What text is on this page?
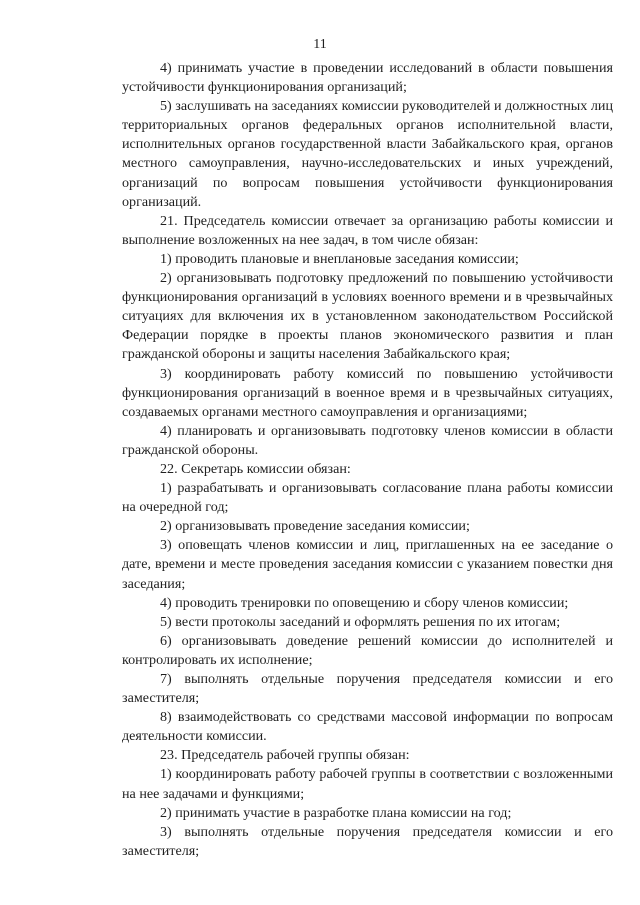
11

4) принимать участие в проведении исследований в области повышения устойчивости функционирования организаций;

5) заслушивать на заседаниях комиссии руководителей и должностных лиц территориальных органов федеральных органов исполнительной власти, исполнительных органов государственной власти Забайкальского края, органов местного самоуправления, научно-исследовательских и иных учреждений, организаций по вопросам повышения устойчивости функционирования организаций.

21. Председатель комиссии отвечает за организацию работы комиссии и выполнение возложенных на нее задач, в том числе обязан:

1) проводить плановые и внеплановые заседания комиссии;

2) организовывать подготовку предложений по повышению устойчивости функционирования организаций в условиях военного времени и в чрезвычайных ситуациях для включения их в установленном законодательством Российской Федерации порядке в проекты планов экономического развития и план гражданской обороны и защиты населения Забайкальского края;

3) координировать работу комиссий по повышению устойчивости функционирования организаций в военное время и в чрезвычайных ситуациях, создаваемых органами местного самоуправления и организациями;

4) планировать и организовывать подготовку членов комиссии в области гражданской обороны.

22. Секретарь комиссии обязан:

1) разрабатывать и организовывать согласование плана работы комиссии на очередной год;

2) организовывать проведение заседания комиссии;

3) оповещать членов комиссии и лиц, приглашенных на ее заседание о дате, времени и месте проведения заседания комиссии с указанием повестки дня заседания;

4) проводить тренировки по оповещению и сбору членов комиссии;

5) вести протоколы заседаний и оформлять решения по их итогам;

6) организовывать доведение решений комиссии до исполнителей и контролировать их исполнение;

7) выполнять отдельные поручения председателя комиссии и его заместителя;

8) взаимодействовать со средствами массовой информации по вопросам деятельности комиссии.

23. Председатель рабочей группы обязан:

1) координировать работу рабочей группы в соответствии с возложенными на нее задачами и функциями;

2) принимать участие в разработке плана комиссии на год;

3) выполнять отдельные поручения председателя комиссии и его заместителя;
